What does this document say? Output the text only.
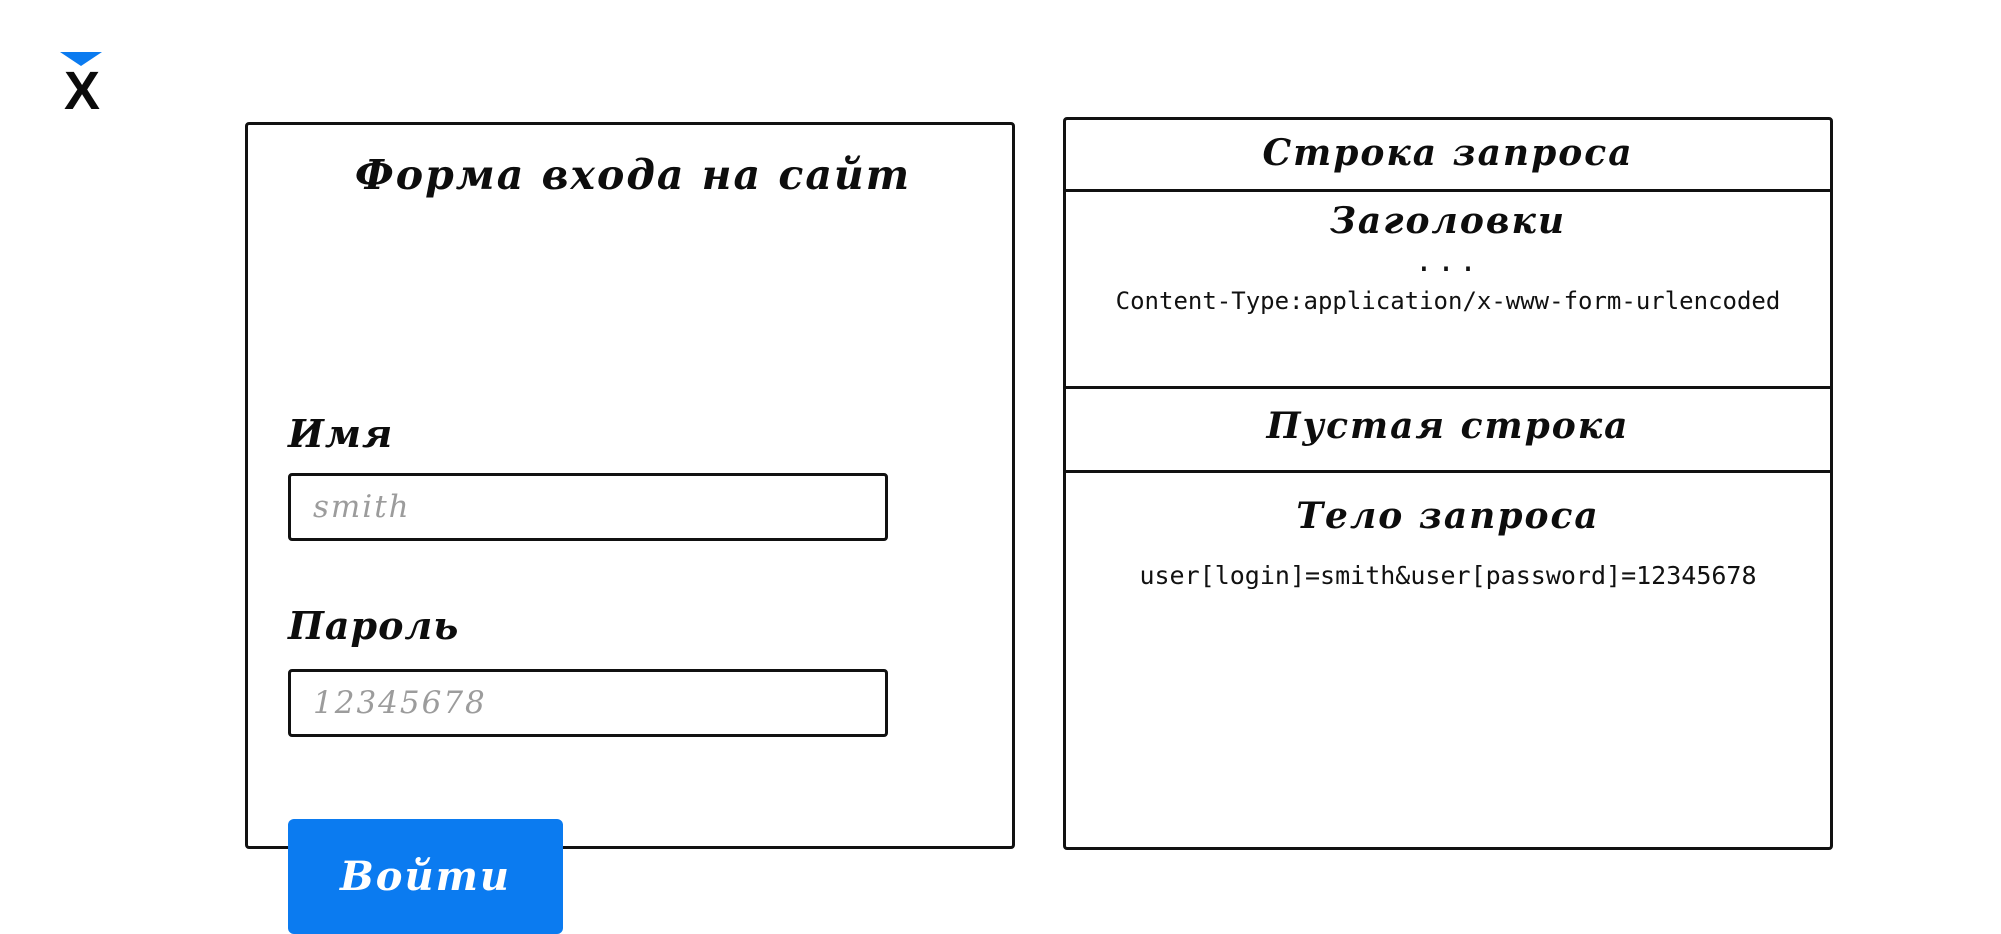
X
Форма входа на сайт
Имя
smith
Пароль
12345678
Войти
Строка запроса
Заголовки
...
Content-Type:application/x-www-form-urlencoded
Пустая строка
Тело запроса
user[login]=smith&user[password]=12345678
